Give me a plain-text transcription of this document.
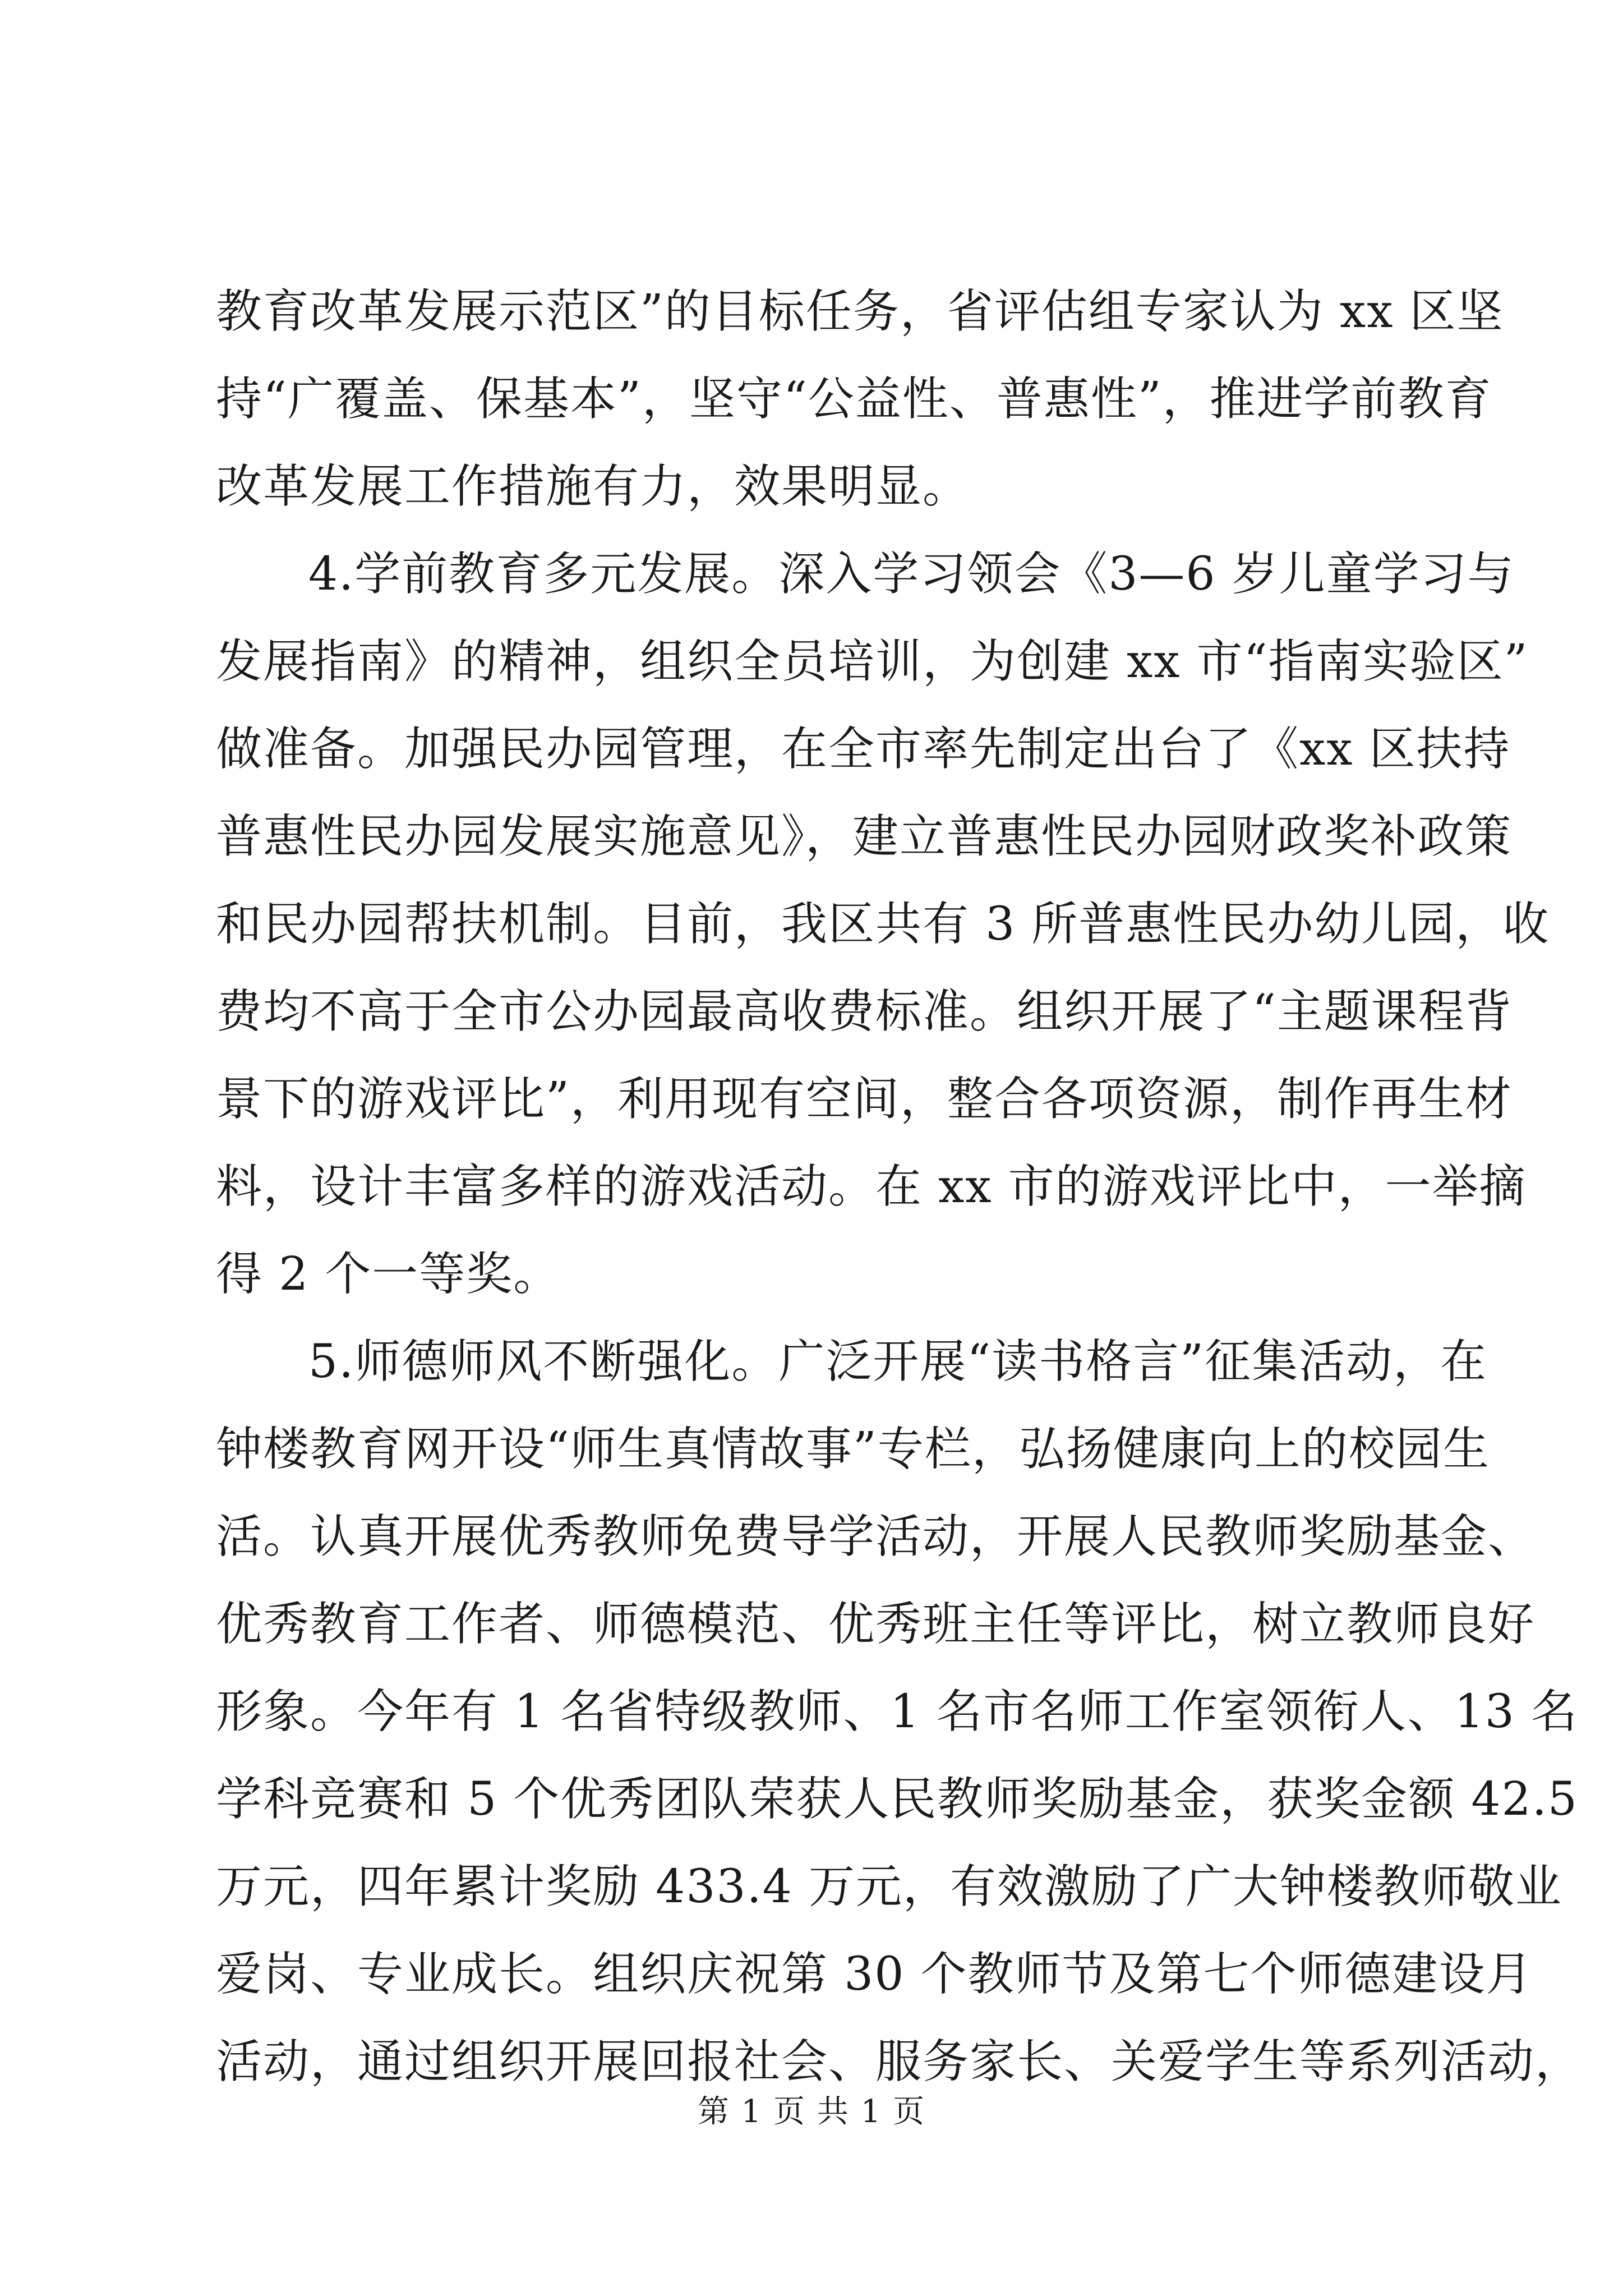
教育改革发展示范区”的目标任务，省评估组专家认为 xx 区坚
持“广覆盖、保基本”，坚守“公益性、普惠性”，推进学前教育
改革发展工作措施有力，效果明显。
4.学前教育多元发展。深入学习领会《3—6 岁儿童学习与
发展指南》的精神，组织全员培训，为创建 xx 市“指南实验区”
做准备。加强民办园管理，在全市率先制定出台了《xx 区扶持
普惠性民办园发展实施意见》，建立普惠性民办园财政奖补政策
和民办园帮扶机制。目前，我区共有 3 所普惠性民办幼儿园，收
费均不高于全市公办园最高收费标准。组织开展了“主题课程背
景下的游戏评比”，利用现有空间，整合各项资源，制作再生材
料，设计丰富多样的游戏活动。在 xx 市的游戏评比中，一举摘
得 2 个一等奖。
5.师德师风不断强化。广泛开展“读书格言”征集活动，在
钟楼教育网开设“师生真情故事”专栏，弘扬健康向上的校园生
活。认真开展优秀教师免费导学活动，开展人民教师奖励基金、
优秀教育工作者、师德模范、优秀班主任等评比，树立教师良好
形象。今年有 1 名省特级教师、1 名市名师工作室领衔人、13 名
学科竞赛和 5 个优秀团队荣获人民教师奖励基金，获奖金额 42.5
万元，四年累计奖励 433.4 万元，有效激励了广大钟楼教师敬业
爱岗、专业成长。组织庆祝第 30 个教师节及第七个师德建设月
活动，通过组织开展回报社会、服务家长、关爱学生等系列活动，
第 1 页 共 1 页
